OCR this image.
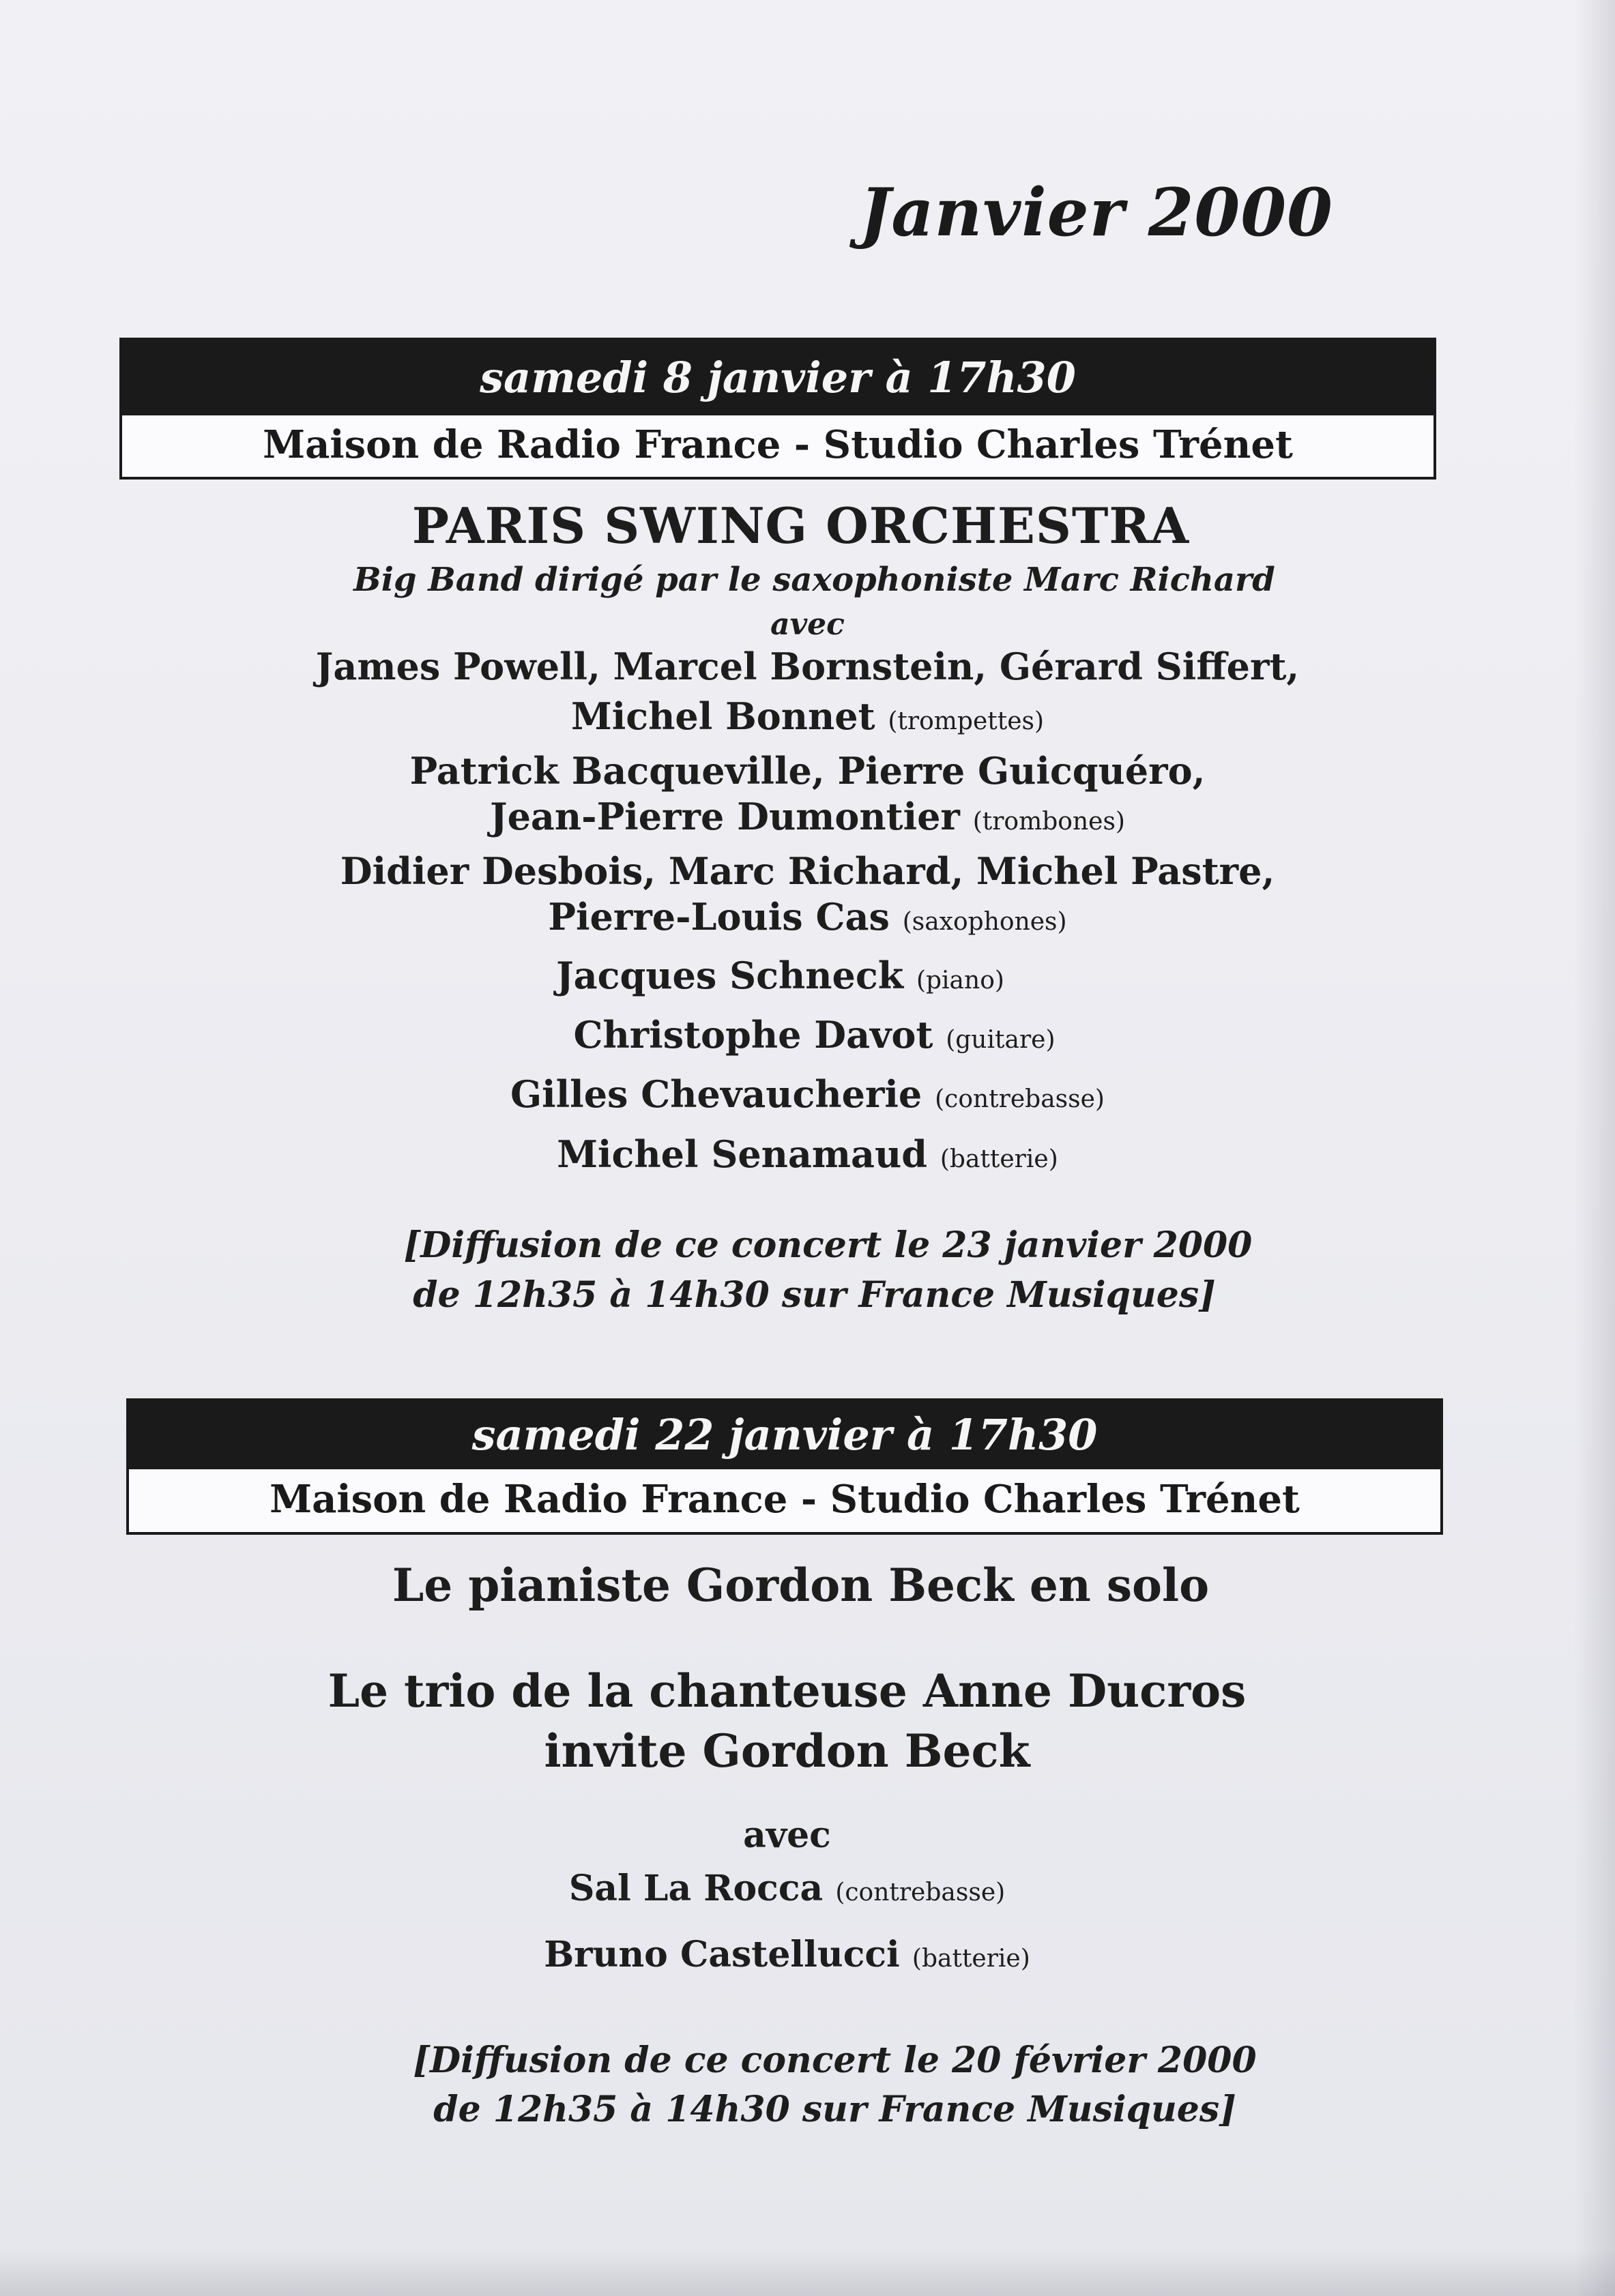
Janvier 2000
samedi 8 janvier à 17h30
Maison de Radio France - Studio Charles Trénet
PARIS SWING ORCHESTRA
Big Band dirigé par le saxophoniste Marc Richard
avec
James Powell, Marcel Bornstein, Gérard Siffert,
Michel Bonnet (trompettes)
Patrick Bacqueville, Pierre Guicquéro,
Jean-Pierre Dumontier (trombones)
Didier Desbois, Marc Richard, Michel Pastre,
Pierre-Louis Cas (saxophones)
Jacques Schneck (piano)
Christophe Davot (guitare)
Gilles Chevaucherie (contrebasse)
Michel Senamaud (batterie)
[Diffusion de ce concert le 23 janvier 2000
de 12h35 à 14h30 sur France Musiques]
samedi 22 janvier à 17h30
Maison de Radio France - Studio Charles Trénet
Le pianiste Gordon Beck en solo
Le trio de la chanteuse Anne Ducros
invite Gordon Beck
avec
Sal La Rocca (contrebasse)
Bruno Castellucci (batterie)
[Diffusion de ce concert le 20 février 2000
de 12h35 à 14h30 sur France Musiques]
